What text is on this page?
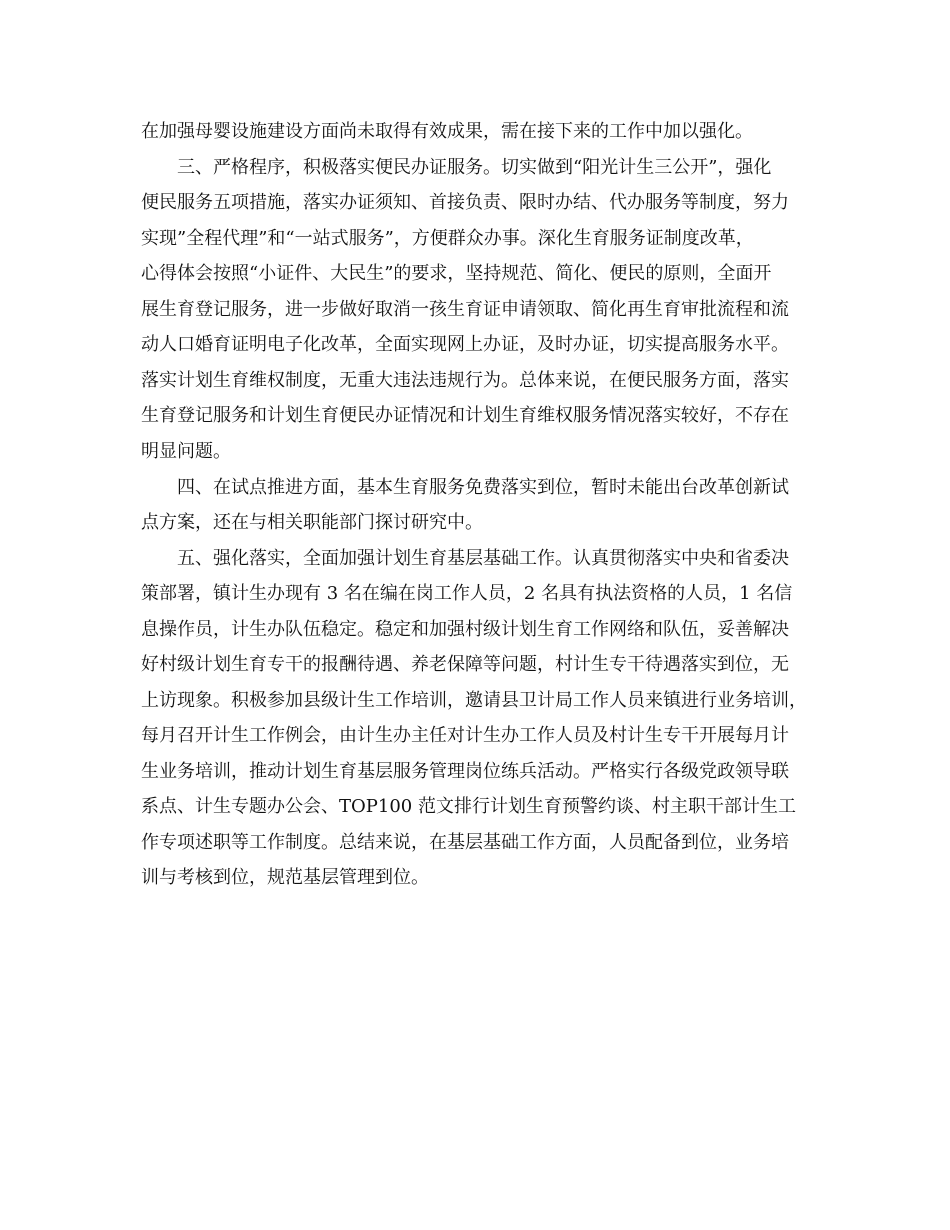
在加强母婴设施建设方面尚未取得有效成果，需在接下来的工作中加以强化。
三、严格程序，积极落实便民办证服务。切实做到“阳光计生三公开”，强化
便民服务五项措施，落实办证须知、首接负责、限时办结、代办服务等制度，努力
实现”全程代理”和“一站式服务”，方便群众办事。深化生育服务证制度改革，
心得体会按照“小证件、大民生”的要求，坚持规范、简化、便民的原则，全面开
展生育登记服务，进一步做好取消一孩生育证申请领取、简化再生育审批流程和流
动人口婚育证明电子化改革，全面实现网上办证，及时办证，切实提高服务水平。
落实计划生育维权制度，无重大违法违规行为。总体来说，在便民服务方面，落实
生育登记服务和计划生育便民办证情况和计划生育维权服务情况落实较好，不存在
明显问题。
四、在试点推进方面，基本生育服务免费落实到位，暂时未能出台改革创新试
点方案，还在与相关职能部门探讨研究中。
五、强化落实，全面加强计划生育基层基础工作。认真贯彻落实中央和省委决
策部署，镇计生办现有 3 名在编在岗工作人员，2 名具有执法资格的人员，1 名信
息操作员，计生办队伍稳定。稳定和加强村级计划生育工作网络和队伍，妥善解决
好村级计划生育专干的报酬待遇、养老保障等问题，村计生专干待遇落实到位，无
上访现象。积极参加县级计生工作培训，邀请县卫计局工作人员来镇进行业务培训，
每月召开计生工作例会，由计生办主任对计生办工作人员及村计生专干开展每月计
生业务培训，推动计划生育基层服务管理岗位练兵活动。严格实行各级党政领导联
系点、计生专题办公会、TOP100 范文排行计划生育预警约谈、村主职干部计生工
作专项述职等工作制度。总结来说，在基层基础工作方面，人员配备到位，业务培
训与考核到位，规范基层管理到位。
